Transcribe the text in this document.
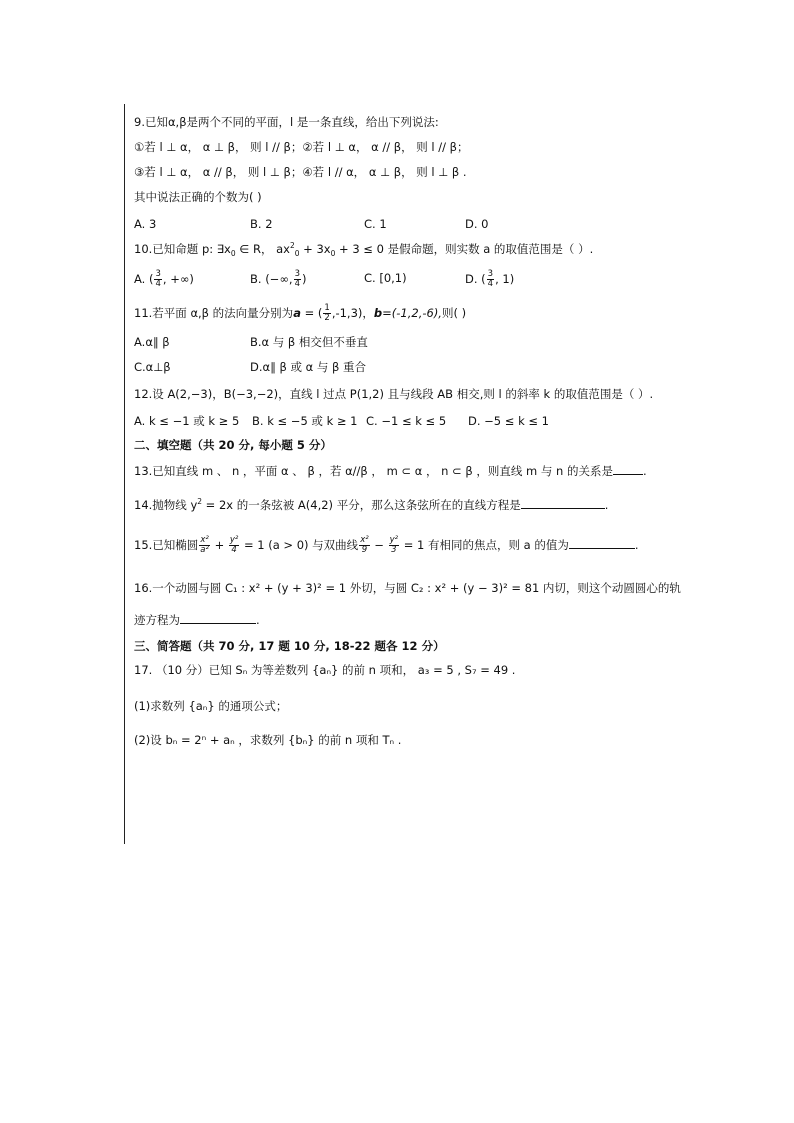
9.已知α,β是两个不同的平面，l 是一条直线，给出下列说法:
①若 l ⊥ α， α ⊥ β， 则 l // β；②若 l ⊥ α， α // β， 则 l // β；
③若 l ⊥ α， α // β， 则 l ⊥ β；④若 l // α， α ⊥ β， 则 l ⊥ β .
其中说法正确的个数为( )
A. 3	B. 2	C. 1	D. 0
10.已知命题 p: $\exists x_0$ ∈ R， $ax^2_0 + 3x_0 + 3 \le 0$ 是假命题，则实数 a 的取值范围是（ ）.
A. ( $\frac{3}{4}$ , +∞)	B. (−∞, $\frac{3}{4}$ )	C. [0,1)	D. ( $\frac{3}{4}$ , 1)
11.若平面 α,β 的法向量分别为a = ( $\frac{1}{2} ,-1,3$)，b=(-1,2,-6),则( )
A.α∥ β	B.α 与 β 相交但不垂直
C.α⊥β	D.α∥ β 或 α 与 β 重合
12.设 A(2,−3)，B(−3,−2)，直线 l 过点 P(1,2) 且与线段 AB 相交,则 l 的斜率 k 的取值范围是（ ）.
A. k ≤ −1 或 k ≥ 5 B. k ≤ −5 或 k ≥ 1 C. −1 ≤ k ≤ 5 D. −5 ≤ k ≤ 1
二、填空题（共 20 分, 每小题 5 分）
13.已知直线 m 、 n ，平面 α 、 β ，若 α//β ， m ⊂ α ， n ⊂ β ，则直线 m 与 n 的关系是	.
14.抛物线 $y^2 = 2x$ 的一条弦被 A(4,2) 平分，那么这条弦所在的直线方程是	.
15.已知椭圆 $\frac{\text{x²}}{\text{a²}} + \frac{\text{y²}}{4} = 1$ (a > 0) 与双曲线 $\frac{\text{x²}}{9} - \frac{\text{y²}}{3} = 1$ 有相同的焦点，则 a 的值为	.
16.一个动圆与圆 C₁ : x² + (y + 3)² = 1 外切，与圆 C₂ : x² + (y − 3)² = 81 内切，则这个动圆圆心的轨
迹方程为	.
三、简答题（共 70 分, 17 题 10 分, 18-22 题各 12 分）
17. （10 分）已知 Sₙ 为等差数列 {aₙ} 的前 n 项和， a₃ = 5 , S₇ = 49 .
(1)求数列 {aₙ} 的通项公式；
(2)设 bₙ = 2ⁿ + aₙ ，求数列 {bₙ} 的前 n 项和 Tₙ .
